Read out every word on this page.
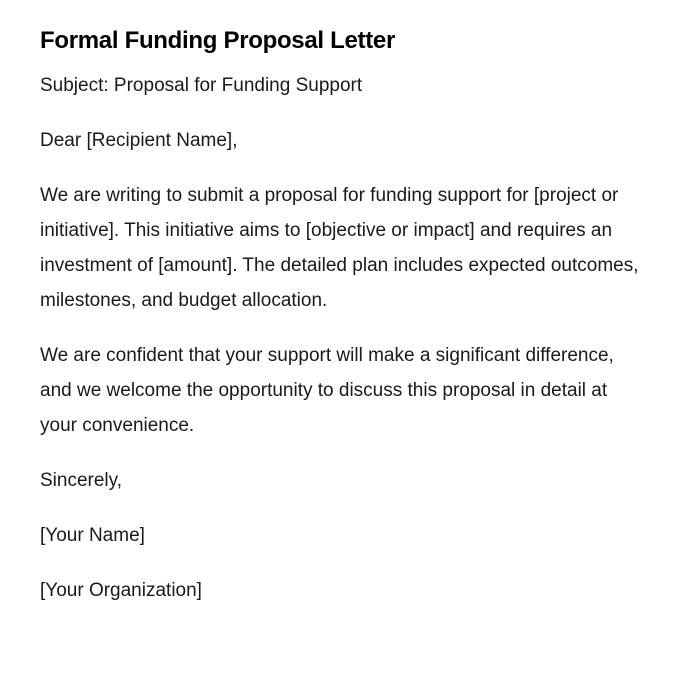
Formal Funding Proposal Letter

Subject: Proposal for Funding Support

Dear [Recipient Name],

We are writing to submit a proposal for funding support for [project or initiative]. This initiative aims to [objective or impact] and requires an investment of [amount]. The detailed plan includes expected outcomes, milestones, and budget allocation.

We are confident that your support will make a significant difference, and we welcome the opportunity to discuss this proposal in detail at your convenience.

Sincerely,

[Your Name]

[Your Organization]
